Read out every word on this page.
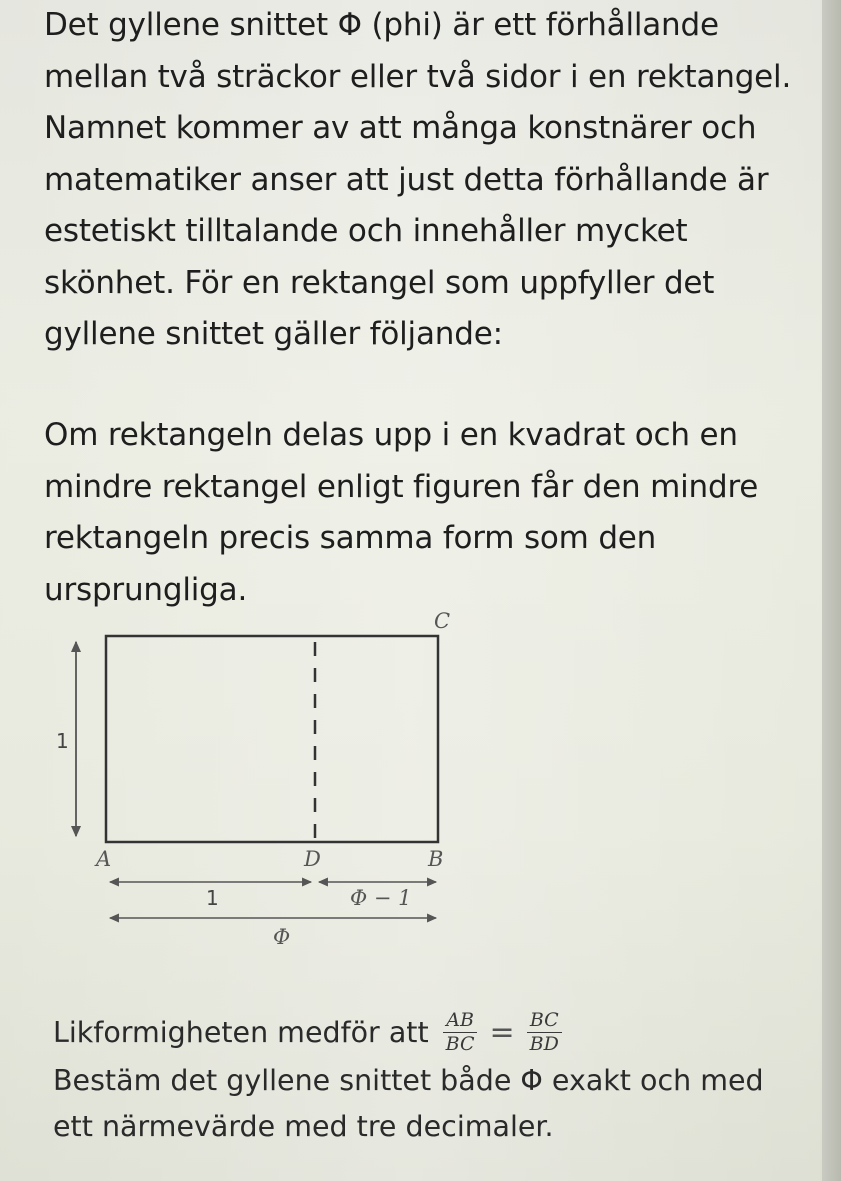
Det gyllene snittet Φ (phi) är ett förhållande
mellan två sträckor eller två sidor i en rektangel.
Namnet kommer av att många konstnärer och
matematiker anser att just detta förhållande är
estetiskt tilltalande och innehåller mycket
skönhet. För en rektangel som uppfyller det
gyllene snittet gäller följande:
Om rektangeln delas upp i en kvadrat och en
mindre rektangel enligt figuren får den mindre
rektangeln precis samma form som den
ursprungliga.
1
C
A	D	B
1	Φ − 1
Φ
Likformigheten medför att $\frac{AB}{BC} = \frac{BC}{BD}$
Bestäm det gyllene snittet både Φ exakt och med
ett närmevärde med tre decimaler.
